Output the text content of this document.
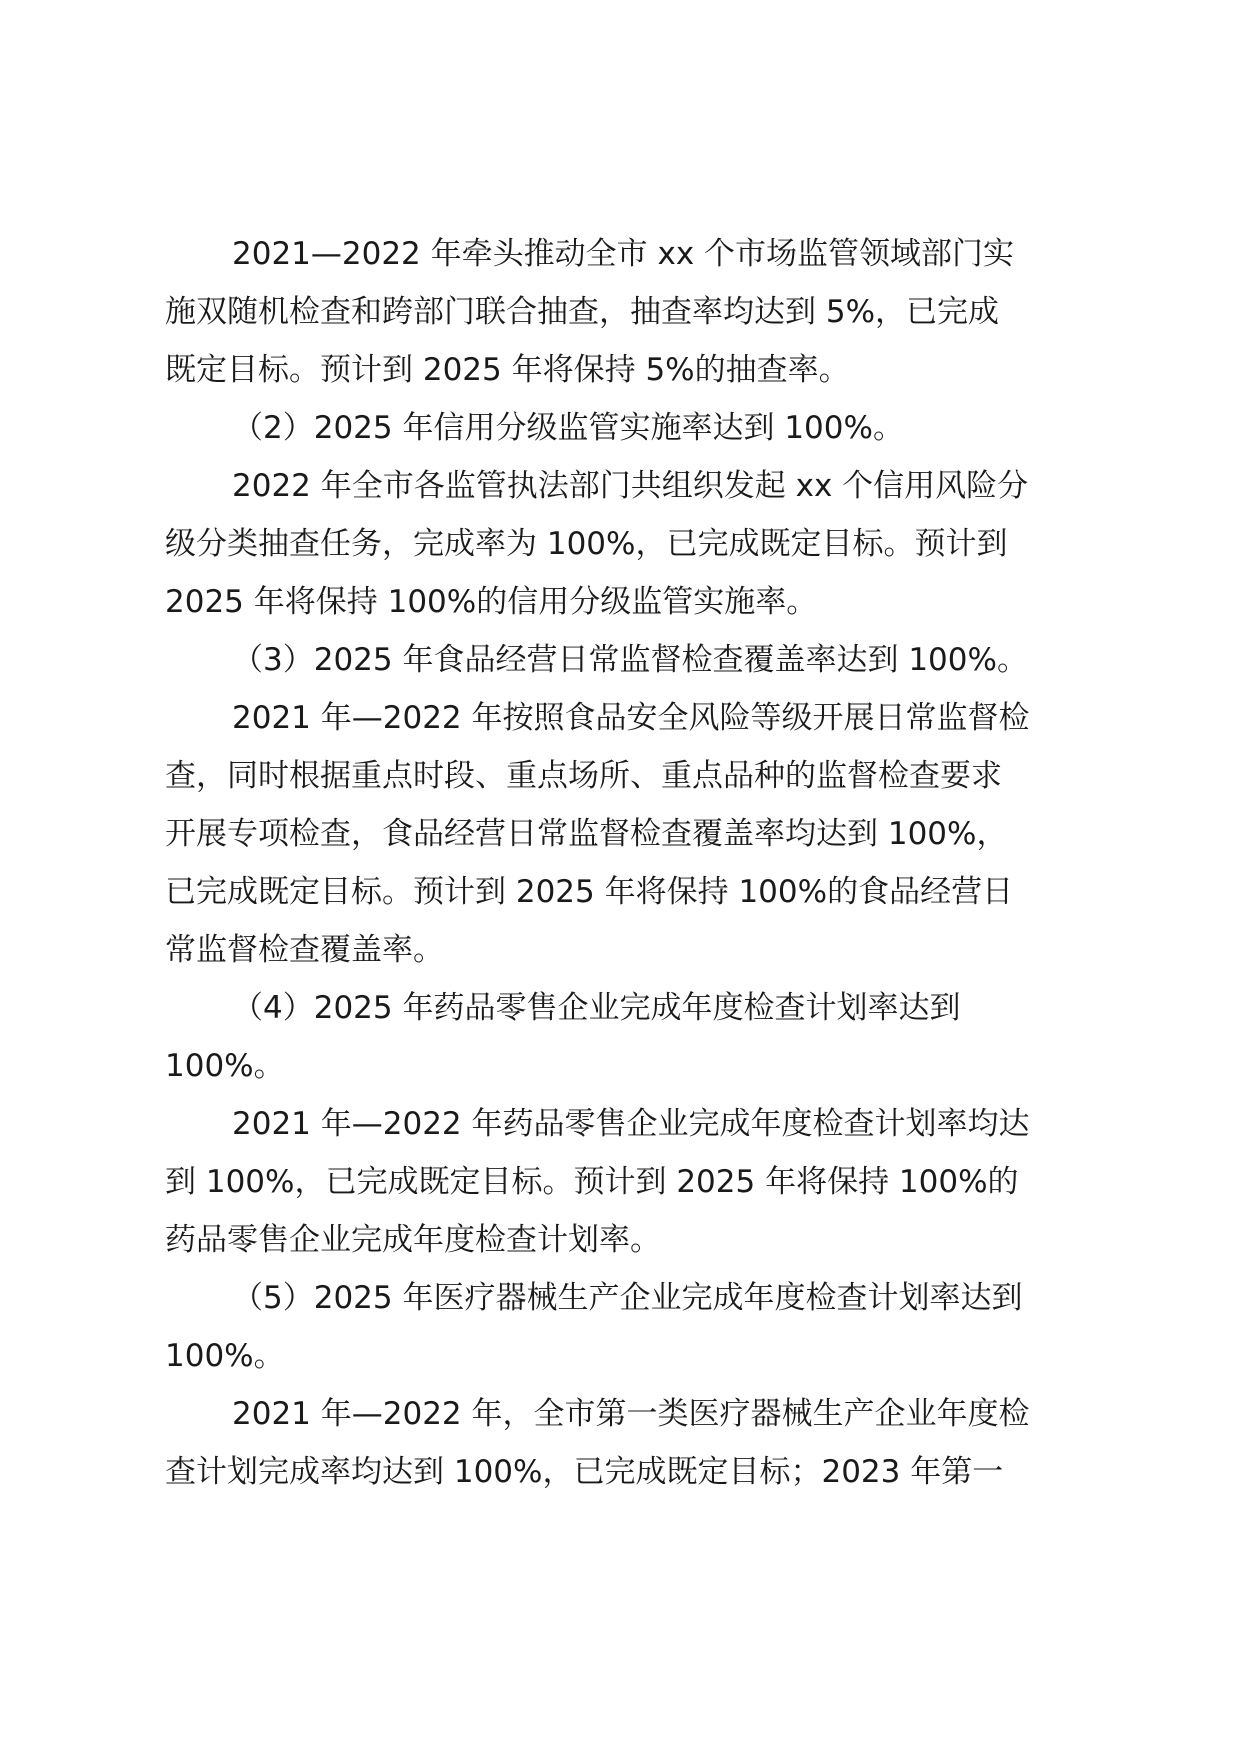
2021—2022 年牵头推动全市 xx 个市场监管领域部门实
施双随机检查和跨部门联合抽查，抽查率均达到 5%，已完成
既定目标。预计到 2025 年将保持 5%的抽查率。
（2）2025 年信用分级监管实施率达到 100%。
2022 年全市各监管执法部门共组织发起 xx 个信用风险分
级分类抽查任务，完成率为 100%，已完成既定目标。预计到
2025 年将保持 100%的信用分级监管实施率。
（3）2025 年食品经营日常监督检查覆盖率达到 100%。
2021 年—2022 年按照食品安全风险等级开展日常监督检
查，同时根据重点时段、重点场所、重点品种的监督检查要求
开展专项检查，食品经营日常监督检查覆盖率均达到 100%，
已完成既定目标。预计到 2025 年将保持 100%的食品经营日
常监督检查覆盖率。
（4）2025 年药品零售企业完成年度检查计划率达到
100%。
2021 年—2022 年药品零售企业完成年度检查计划率均达
到 100%，已完成既定目标。预计到 2025 年将保持 100%的
药品零售企业完成年度检查计划率。
（5）2025 年医疗器械生产企业完成年度检查计划率达到
100%。
2021 年—2022 年，全市第一类医疗器械生产企业年度检
查计划完成率均达到 100%，已完成既定目标；2023 年第一
